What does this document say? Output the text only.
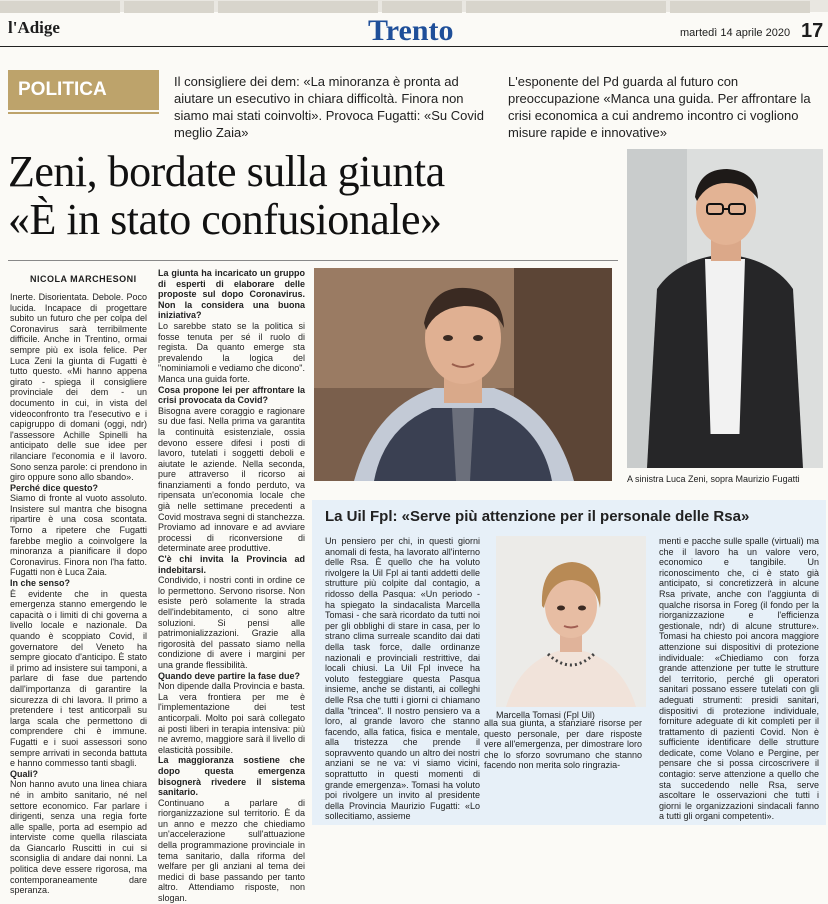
l'Adige	Trento	martedì 14 aprile 2020 17
POLITICA	Il consigliere dei dem: «La minoranza è pronta ad aiutare un esecutivo in chiara difficoltà. Finora non siamo mai stati coinvolti». Provoca Fugatti: «Su Covid meglio Zaia»
L'esponente del Pd guarda al futuro con preoccupazione «Manca una guida. Per affrontare la crisi economica a cui andremo incontro ci vogliono misure rapide e innovative»
Zeni, bordate sulla giunta
«È in stato confusionale»
NICOLA MARCHESONI

Inerte. Disorientata. Debole. Poco lucida. Incapace di progettare subito un futuro che per colpa del Coronavirus sarà terribilmente difficile. Anche in Trentino, ormai sempre più ex isola felice. Per Luca Zeni la giunta di Fugatti è tutto questo. «Mi hanno appena girato - spiega il consigliere provinciale dei dem - un documento in cui, in vista del videoconfronto tra l'esecutivo e i capigruppo di domani (oggi, ndr) l'assessore Achille Spinelli ha anticipato delle sue idee per rilanciare l'economia e il lavoro. Sono senza parole: ci prendono in giro oppure sono allo sbando».

Perché dice questo?

Siamo di fronte al vuoto assoluto. Insistere sul mantra che bisogna ripartire è una cosa scontata. Torno a ripetere che Fugatti farebbe meglio a coinvolgere la minoranza a pianificare il dopo Coronavirus. Finora non l'ha fatto. Fugatti non è Luca Zaia.

In che senso?

È evidente che in questa emergenza stanno emergendo le capacità o i limiti di chi governa a livello locale e nazionale. Da quando è scoppiato Covid, il governatore del Veneto ha sempre giocato d'anticipo. È stato il primo ad insistere sui tamponi, a parlare di fase due partendo dall'importanza di garantire la sicurezza di chi lavora. Il primo a pretendere i test anticorpali su larga scala che permettono di comprendere chi è immune. Fugatti e i suoi assessori sono sempre arrivati in seconda battuta e hanno commesso tanti sbagli.

Quali?

Non hanno avuto una linea chiara né in ambito sanitario, né nel settore economico. Far parlare i dirigenti, senza una regia forte alle spalle, porta ad esempio ad interviste come quella rilasciata da Giancarlo Ruscitti in cui si sconsiglia di andare dai nonni. La politica deve essere rigorosa, ma contemporaneamente dare speranza.

La giunta ha incaricato un gruppo di esperti di elaborare delle proposte sul dopo Coronavirus. Non la considera una buona iniziativa?

Lo sarebbe stato se la politica si fosse tenuta per sé il ruolo di regista. Da quanto emerge sta prevalendo la logica del "nominiamoli e vediamo che dicono". Manca una guida forte.

Cosa propone lei per affrontare la crisi provocata da Covid?

Bisogna avere coraggio e ragionare su due fasi. Nella prima va garantita la continuità esistenziale, ossia devono essere difesi i posti di lavoro, tutelati i soggetti deboli e aiutate le aziende. Nella seconda, pure attraverso il ricorso ai finanziamenti a fondo perduto, va ripensata un'economia locale che già nelle settimane precedenti a Covid mostrava segni di stanchezza. Proviamo ad innovare e ad avviare processi di riconversione di determinate aree produttive.

C'è chi invita la Provincia ad indebitarsi.

Condivido, i nostri conti in ordine ce lo permettono. Servono risorse. Non esiste però solamente la strada dell'indebitamento, ci sono altre soluzioni. Si pensi alle patrimonializzazioni. Grazie alla rigorosità del passato siamo nella condizione di avere i margini per una grande flessibilità.

Quando deve partire la fase due?

Non dipende dalla Provincia e basta. La vera frontiera per me è l'implementazione dei test anticorpali. Molto poi sarà collegato ai posti liberi in terapia intensiva: più ne avremo, maggiore sarà il livello di elasticità possibile.

La maggioranza sostiene che dopo questa emergenza bisognerà rivedere il sistema sanitario.

Continuano a parlare di riorganizzazione sul territorio. È da un anno e mezzo che chiediamo un'accelerazione sull'attuazione della programmazione provinciale in tema sanitario, dalla riforma del welfare per gli anziani al tema dei medici di base passando per tanto altro. Attendiamo risposte, non slogan.

A sinistra Luca Zeni, sopra Maurizio Fugatti
La Uil Fpl: «Serve più attenzione per il personale delle Rsa»
Un pensiero per chi, in questi giorni anomali di festa, ha lavorato all'interno delle Rsa. È quello che ha voluto rivolgere la Uil Fpl ai tanti addetti delle strutture più colpite dal contagio, a ridosso della Pasqua: «Un periodo - ha spiegato la sindacalista Marcella Tomasi - che sarà ricordato da tutti noi per gli obblighi di stare in casa, per lo strano clima surreale scandito dai dati della task force, dalle ordinanze nazionali e provinciali restrittive, dai locali chiusi. La Uil Fpl invece ha voluto festeggiare questa Pasqua insieme, anche se distanti, ai colleghi delle Rsa che tutti i giorni ci chiamano dalla "trincea". Il nostro pensiero va a loro, al grande lavoro che stanno facendo, alla fatica, fisica e mentale, alla tristezza che prende il sopravvento quando un altro dei nostri anziani se ne va: vi siamo vicini, soprattutto in questi momenti di grande emergenza». Tomasi ha voluto poi rivolgere un invito al presidente della Provincia Maurizio Fugatti: «Lo sollecitiamo, assieme
Marcella Tomasi (Fpl Uil)
alla sua giunta, a stanziare risorse per questo personale, per dare risposte vere all'emergenza, per dimostrare loro che lo sforzo sovrumano che stanno facendo non merita solo ringrazia-
menti e pacche sulle spalle (virtuali) ma che il lavoro ha un valore vero, economico e tangibile. Un riconoscimento che, ci è stato già anticipato, si concretizzerà in alcune Rsa private, anche con l'aggiunta di qualche risorsa in Foreg (il fondo per la riorganizzazione e l'efficienza gestionale, ndr) di alcune strutture». Tomasi ha chiesto poi ancora maggiore attenzione sui dispositivi di protezione individuale: «Chiediamo con forza grande attenzione per tutte le strutture del territorio, perché gli operatori sanitari possano essere tutelati con gli adeguati strumenti: presidi sanitari, dispositivi di protezione individuale, forniture adeguate di kit completi per il trattamento di pazienti Covid. Non è sufficiente identificare delle strutture dedicate, come Volano e Pergine, per pensare che si possa circoscrivere il contagio: serve attenzione a quello che sta succedendo nelle Rsa, serve ascoltare le osservazioni che tutti i giorni le organizzazioni sindacali fanno a tutti gli organi competenti».
